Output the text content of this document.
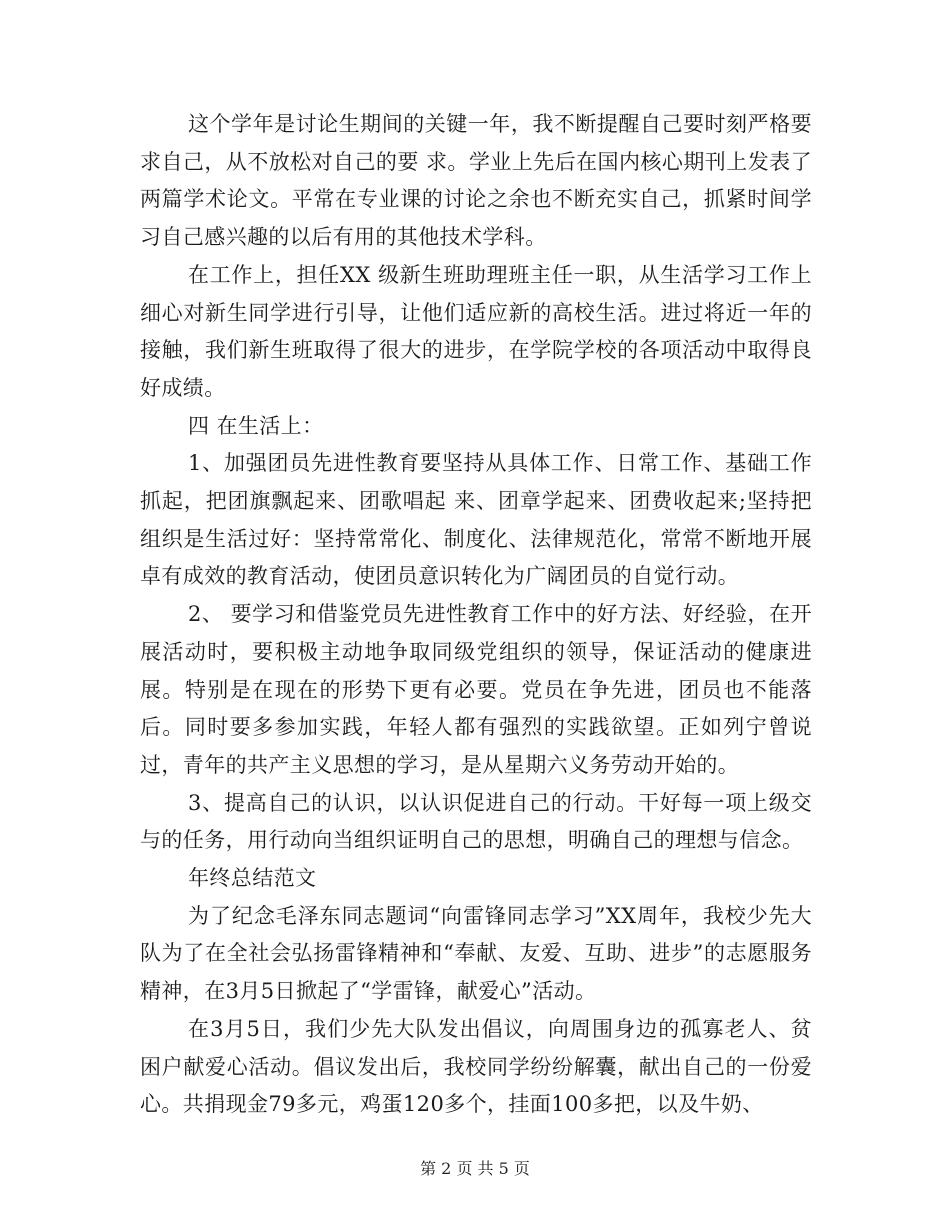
这个学年是讨论生期间的关键一年，我不断提醒自己要时刻严格要求自己，从不放松对自己的要 求。学业上先后在国内核心期刊上发表了两篇学术论文。平常在专业课的讨论之余也不断充实自己，抓紧时间学习自己感兴趣的以后有用的其他技术学科。

在工作上，担任XX 级新生班助理班主任一职，从生活学习工作上细心对新生同学进行引导，让他们适应新的高校生活。进过将近一年的接触，我们新生班取得了很大的进步，在学院学校的各项活动中取得良好成绩。

四 在生活上：

1、加强团员先进性教育要坚持从具体工作、日常工作、基础工作抓起，把团旗飘起来、团歌唱起 来、团章学起来、团费收起来;坚持把组织是生活过好：坚持常常化、制度化、法律规范化，常常不断地开展卓有成效的教育活动，使团员意识转化为广阔团员的自觉行动。

2、 要学习和借鉴党员先进性教育工作中的好方法、好经验，在开展活动时，要积极主动地争取同级党组织的领导，保证活动的健康进展。特别是在现在的形势下更有必要。党员在争先进，团员也不能落后。同时要多参加实践，年轻人都有强烈的实践欲望。正如列宁曾说过，青年的共产主义思想的学习，是从星期六义务劳动开始的。

3、提高自己的认识，以认识促进自己的行动。干好每一项上级交与的任务，用行动向当组织证明自己的思想，明确自己的理想与信念。

年终总结范文

为了纪念毛泽东同志题词“向雷锋同志学习”XX周年，我校少先大队为了在全社会弘扬雷锋精神和“奉献、友爱、互助、进步”的志愿服务精神，在3月5日掀起了“学雷锋，献爱心”活动。

在3月5日，我们少先大队发出倡议，向周围身边的孤寡老人、贫困户献爱心活动。倡议发出后，我校同学纷纷解囊，献出自己的一份爱心。共捐现金79多元，鸡蛋120多个，挂面100多把，以及牛奶、

第 2 页 共 5 页
